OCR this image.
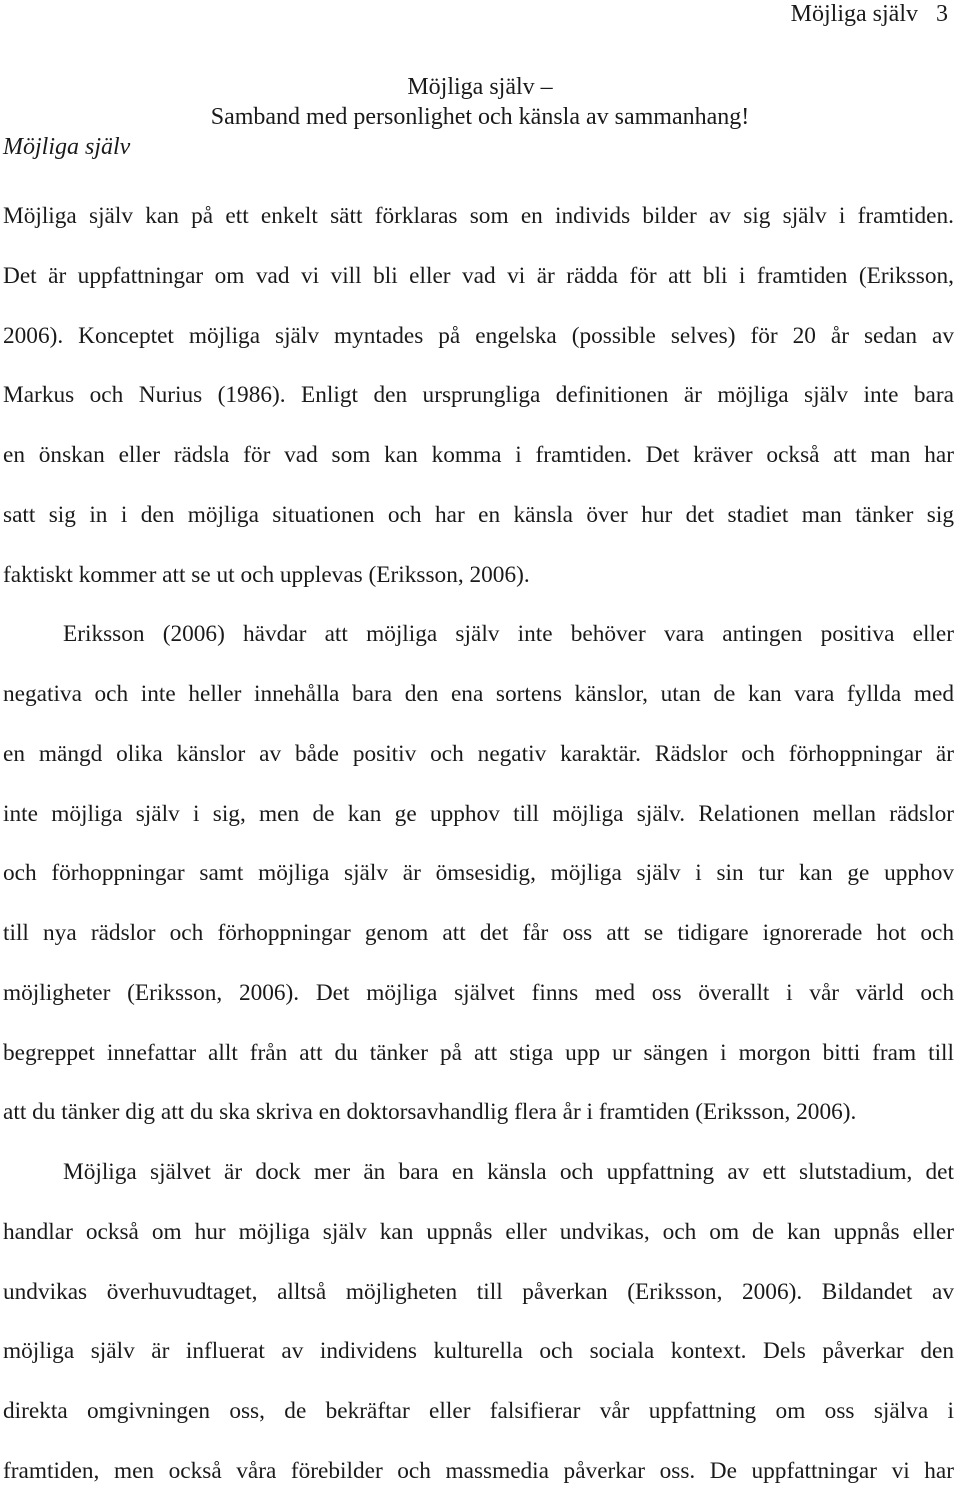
Möjliga själv 3
Möjliga själv –
Samband med personlighet och känsla av sammanhang!
Möjliga själv
Möjliga själv kan på ett enkelt sätt förklaras som en individs bilder av sig själv i framtiden.
Det är uppfattningar om vad vi vill bli eller vad vi är rädda för att bli i framtiden (Eriksson,
2006). Konceptet möjliga själv myntades på engelska (possible selves) för 20 år sedan av
Markus och Nurius (1986). Enligt den ursprungliga definitionen är möjliga själv inte bara
en önskan eller rädsla för vad som kan komma i framtiden. Det kräver också att man har
satt sig in i den möjliga situationen och har en känsla över hur det stadiet man tänker sig
faktiskt kommer att se ut och upplevas (Eriksson, 2006).
Eriksson (2006) hävdar att möjliga själv inte behöver vara antingen positiva eller
negativa och inte heller innehålla bara den ena sortens känslor, utan de kan vara fyllda med
en mängd olika känslor av både positiv och negativ karaktär. Rädslor och förhoppningar är
inte möjliga själv i sig, men de kan ge upphov till möjliga själv. Relationen mellan rädslor
och förhoppningar samt möjliga själv är ömsesidig, möjliga själv i sin tur kan ge upphov
till nya rädslor och förhoppningar genom att det får oss att se tidigare ignorerade hot och
möjligheter (Eriksson, 2006). Det möjliga självet finns med oss överallt i vår värld och
begreppet innefattar allt från att du tänker på att stiga upp ur sängen i morgon bitti fram till
att du tänker dig att du ska skriva en doktorsavhandlig flera år i framtiden (Eriksson, 2006).
Möjliga självet är dock mer än bara en känsla och uppfattning av ett slutstadium, det
handlar också om hur möjliga själv kan uppnås eller undvikas, och om de kan uppnås eller
undvikas överhuvudtaget, alltså möjligheten till påverkan (Eriksson, 2006). Bildandet av
möjliga själv är influerat av individens kulturella och sociala kontext. Dels påverkar den
direkta omgivningen oss, de bekräftar eller falsifierar vår uppfattning om oss själva i
framtiden, men också våra förebilder och massmedia påverkar oss. De uppfattningar vi har
